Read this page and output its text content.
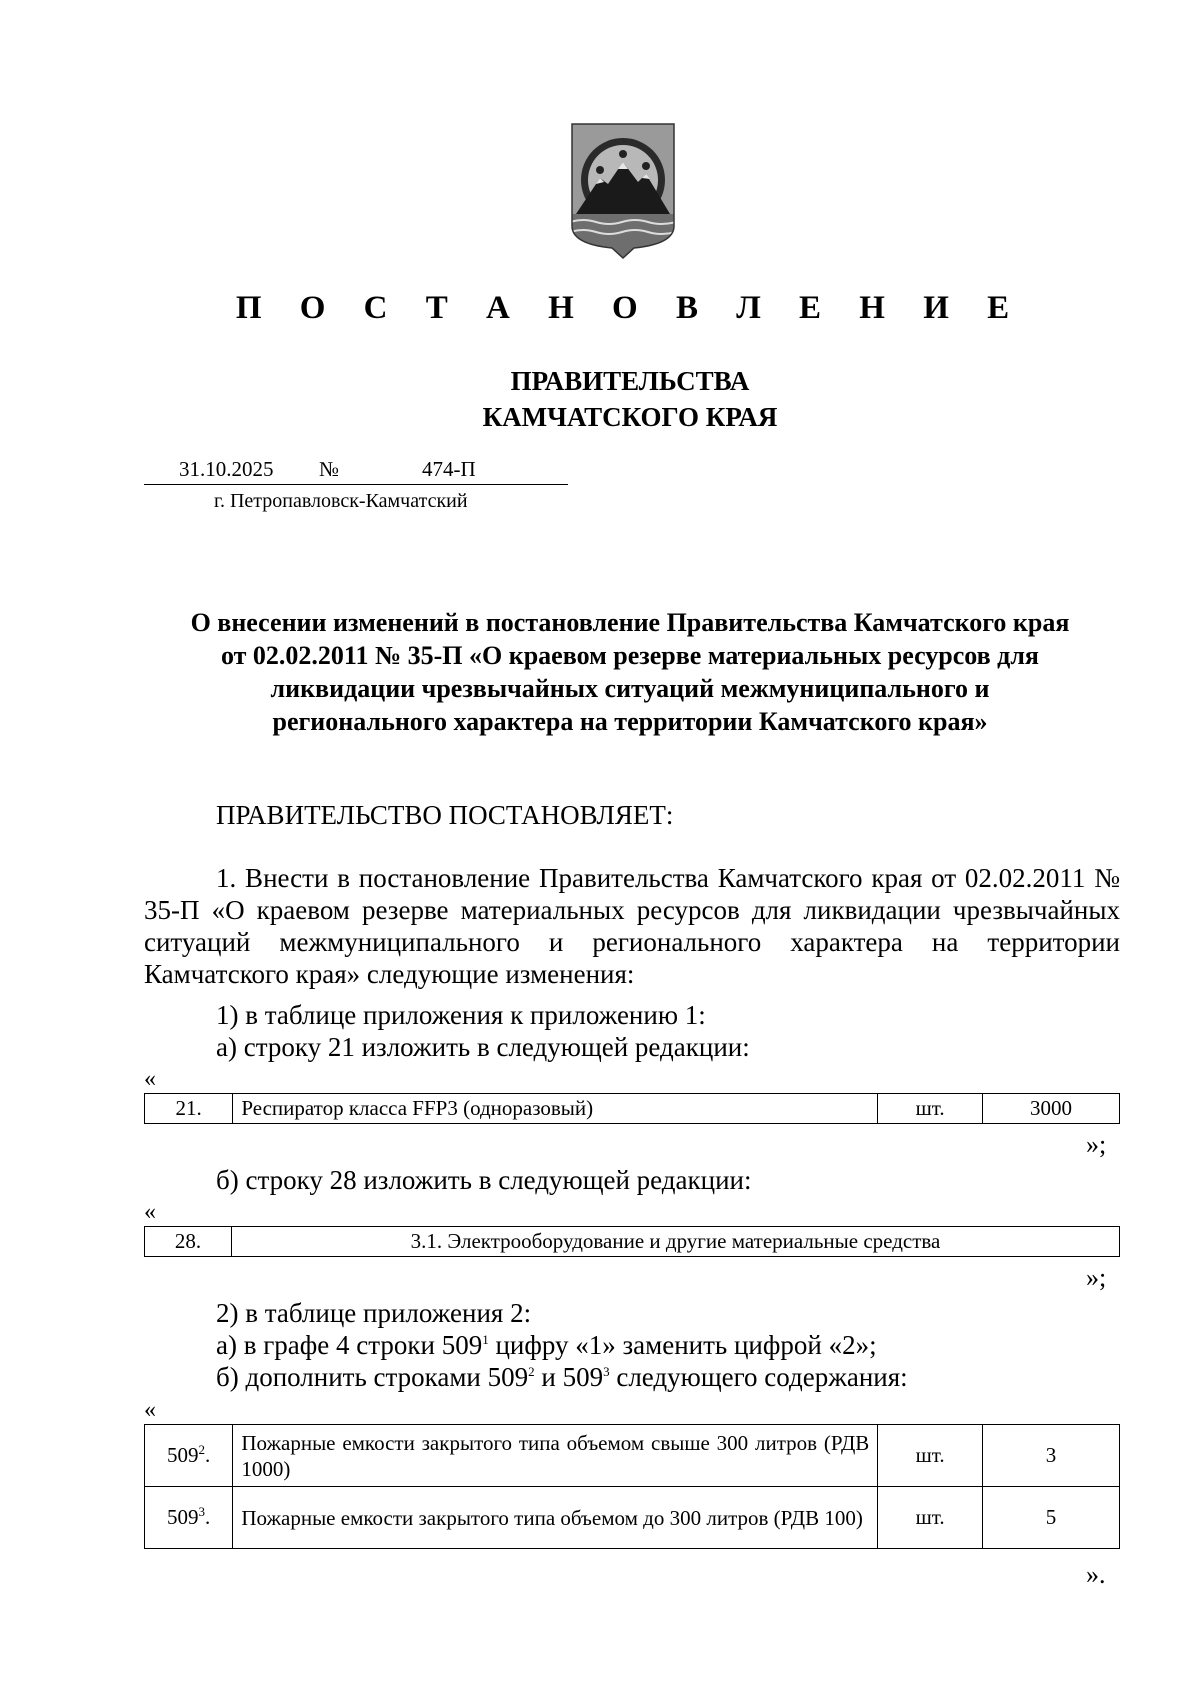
П О С Т А Н О В Л Е Н И Е
ПРАВИТЕЛЬСТВА
КАМЧАТСКОГО КРАЯ
31.10.2025 №	474-П
г. Петропавловск-Камчатский
О внесении изменений в постановление Правительства Камчатского края
от 02.02.2011 № 35-П «О краевом резерве материальных ресурсов для
ликвидации чрезвычайных ситуаций межмуниципального и
регионального характера на территории Камчатского края»
ПРАВИТЕЛЬСТВО ПОСТАНОВЛЯЕТ:
1. Внести в постановление Правительства Камчатского края от 02.02.2011 № 35-П «О краевом резерве материальных ресурсов для ликвидации чрезвычайных ситуаций межмуниципального и регионального характера на территории Камчатского края» следующие изменения:
1) в таблице приложения к приложению 1:
а) строку 21 изложить в следующей редакции:
«
21.	Респиратор класса FFP3 (одноразовый)	шт.	3000
»;
б) строку 28 изложить в следующей редакции:
«
28.	3.1. Электрооборудование и другие материальные средства
»;
2) в таблице приложения 2:
а) в графе 4 строки $509^1$ цифру «1» заменить цифрой «2»;
б) дополнить строками $509^2$ и $509^3$ следующего содержания:
«
$509^2$.	Пожарные емкости закрытого типа объемом свыше 300 литров (РДВ 1000)	шт.	3
$509^3$.	Пожарные емкости закрытого типа объемом до 300 литров (РДВ 100)	шт.	5
».
